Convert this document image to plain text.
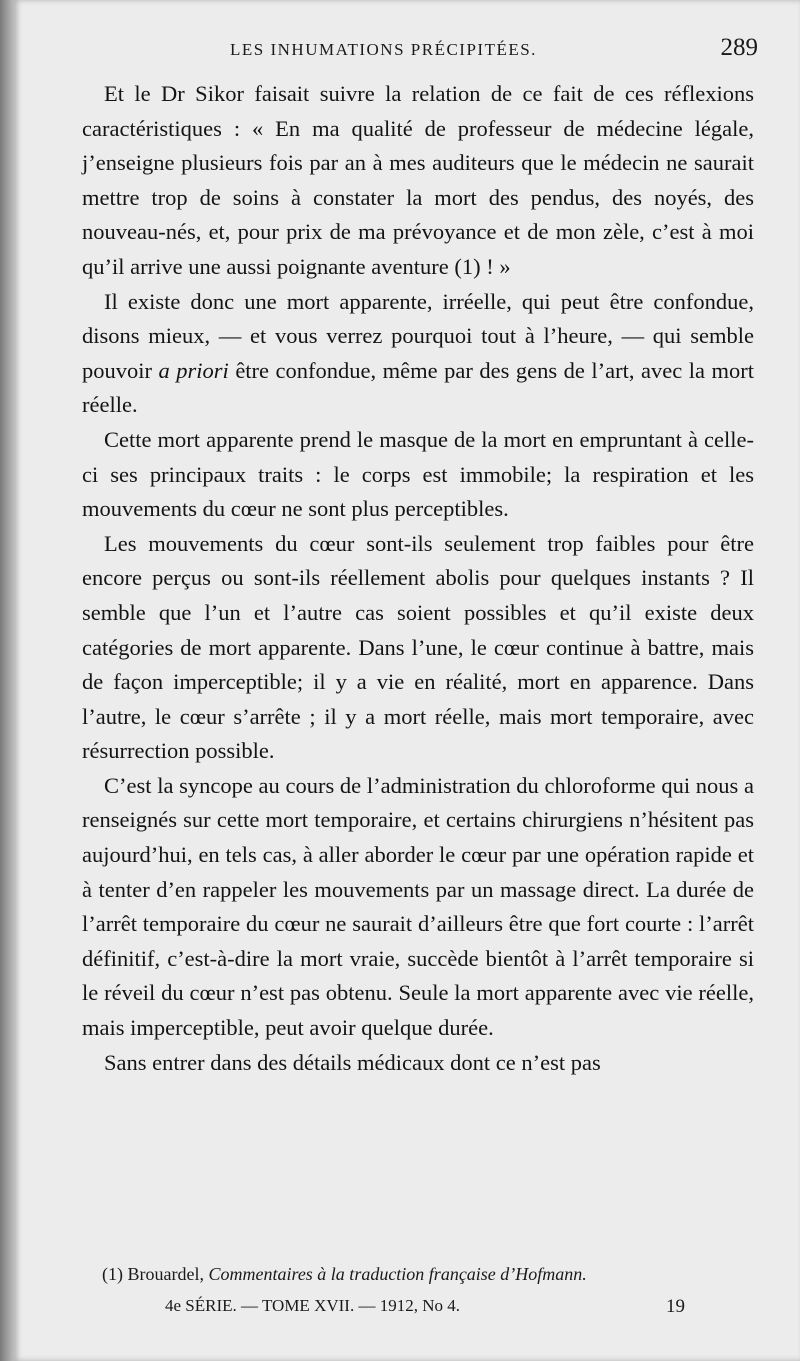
LES INHUMATIONS PRÉCIPITÉES.	289

Et le Dr Sikor faisait suivre la relation de ce fait de ces réflexions caractéristiques : « En ma qualité de professeur de médecine légale, j’enseigne plusieurs fois par an à mes auditeurs que le médecin ne saurait mettre trop de soins à constater la mort des pendus, des noyés, des nouveau-nés, et, pour prix de ma prévoyance et de mon zèle, c’est à moi qu’il arrive une aussi poignante aventure (1) ! »

Il existe donc une mort apparente, irréelle, qui peut être confondue, disons mieux, — et vous verrez pourquoi tout à l’heure, — qui semble pouvoir a priori être confondue, même par des gens de l’art, avec la mort réelle.

Cette mort apparente prend le masque de la mort en empruntant à celle-ci ses principaux traits : le corps est immobile; la respiration et les mouvements du cœur ne sont plus perceptibles.

Les mouvements du cœur sont-ils seulement trop faibles pour être encore perçus ou sont-ils réellement abolis pour quelques instants ? Il semble que l’un et l’autre cas soient possibles et qu’il existe deux catégories de mort apparente. Dans l’une, le cœur continue à battre, mais de façon imperceptible; il y a vie en réalité, mort en apparence. Dans l’autre, le cœur s’arrête ; il y a mort réelle, mais mort temporaire, avec résurrection possible.

C’est la syncope au cours de l’administration du chloroforme qui nous a renseignés sur cette mort temporaire, et certains chirurgiens n’hésitent pas aujourd’hui, en tels cas, à aller aborder le cœur par une opération rapide et à tenter d’en rappeler les mouvements par un massage direct. La durée de l’arrêt temporaire du cœur ne saurait d’ailleurs être que fort courte : l’arrêt définitif, c’est-à-dire la mort vraie, succède bientôt à l’arrêt temporaire si le réveil du cœur n’est pas obtenu. Seule la mort apparente avec vie réelle, mais imperceptible, peut avoir quelque durée.

Sans entrer dans des détails médicaux dont ce n’est pas

(1) Brouardel, Commentaires à la traduction française d’Hofmann.
4e SÉRIE. — TOME XVII. — 1912, No 4.	19
